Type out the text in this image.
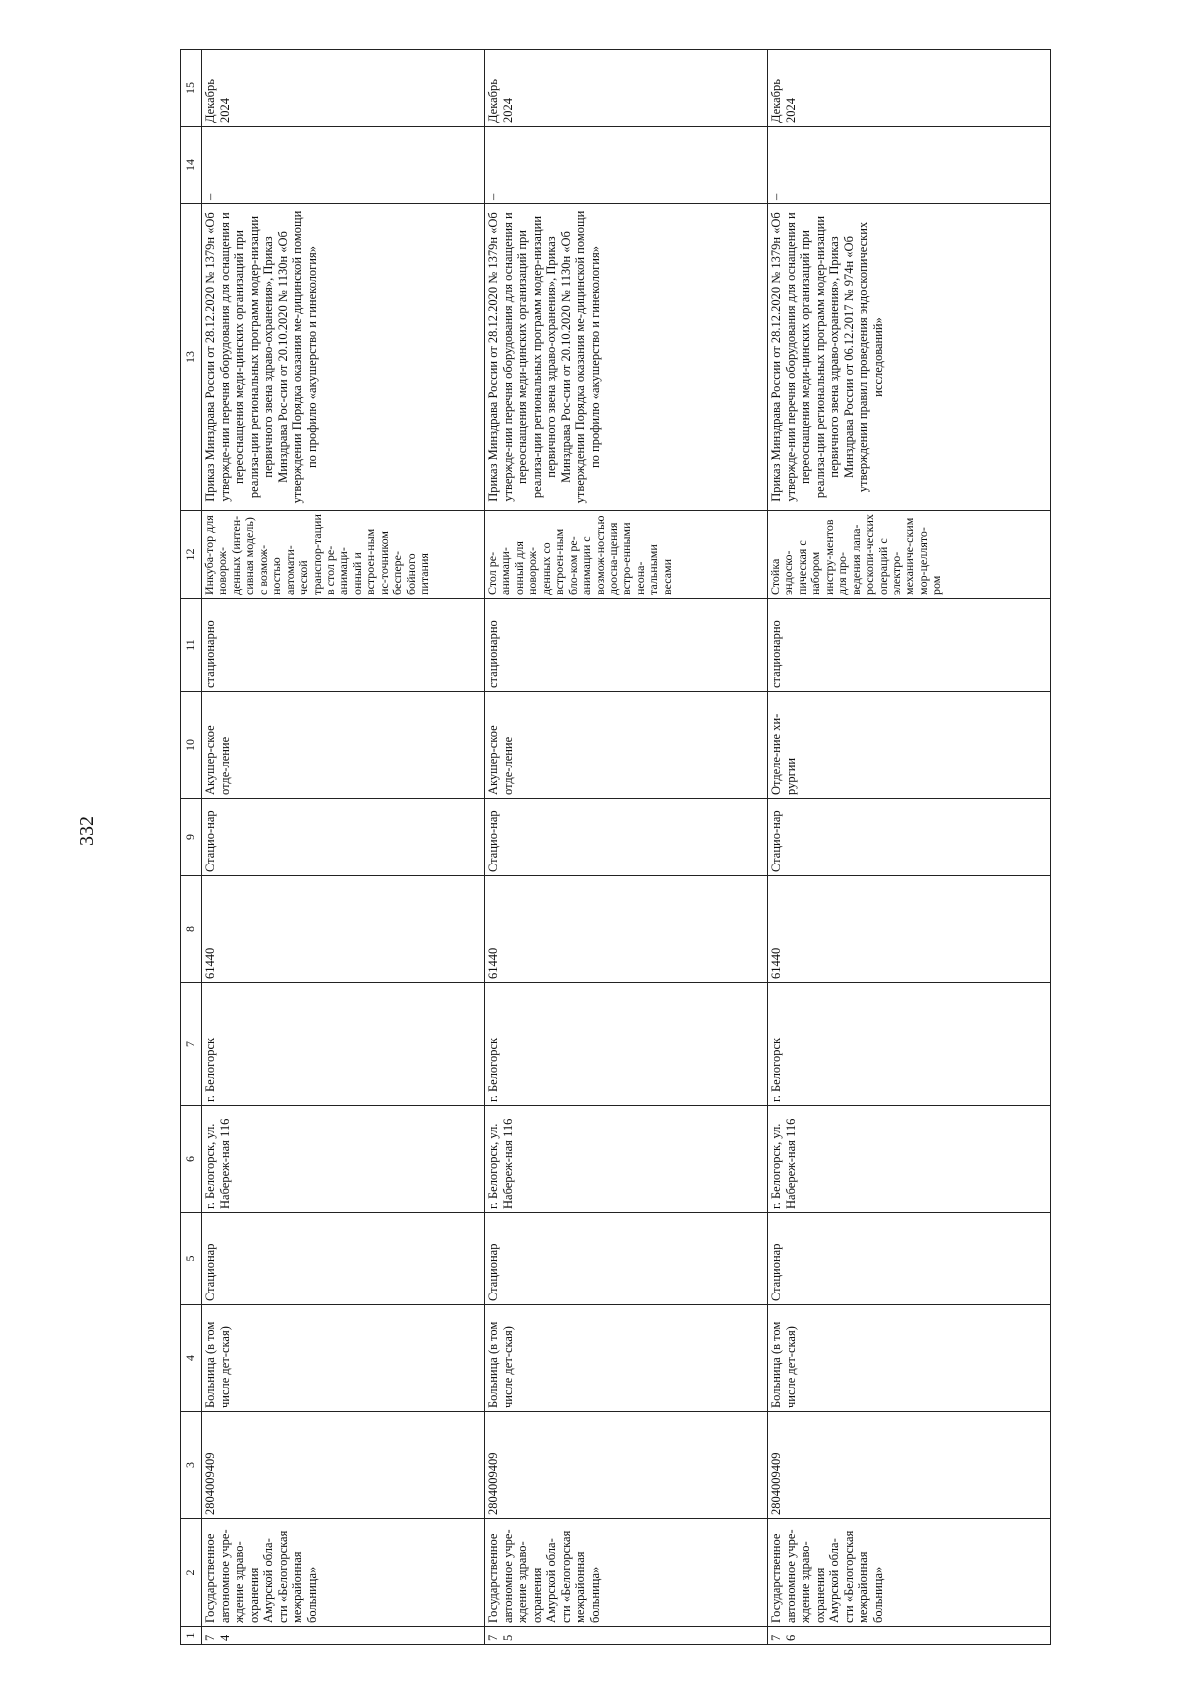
332
1	2	3	4	5	6	7	8	9	10	11	12	13	14	15
74	Государственное автономное учре-ждение здраво-охранения Амурской обла-сти «Белогорская межрайонная больница»	2804009409	Больница (в том числе дет-ская)	Стационар	г. Белогорск, ул. Набереж-ная 116	г. Белогорск	61440	Стацио-нар	Акушер-ское отде-ление	стационарно	Инкуба-тор для новорож-денных (интен-сивная модель) с возмож-ностью автомати-ческой транспор-тации в стол ре-анимаци-онный и встроен-ным ис-точником бесперe-бойного питания	Приказ Минздрава России от 28.12.2020 № 1379н «Об утвержде-нии перечня оборудования для оснащения и переоснащения меди-цинских организаций при реализа-ции региональных программ модер-низации первичного звена здраво-охранения», Приказ Минздрава Рос-сии от 20.10.2020 № 1130н «Об утверждении Порядка оказания ме-дицинской помощи по профилю «акушерство и гинекология»	–	Декабрь 2024
75	Государственное автономное учре-ждение здраво-охранения Амурской обла-сти «Белогорская межрайонная больница»	2804009409	Больница (в том числе дет-ская)	Стационар	г. Белогорск, ул. Набереж-ная 116	г. Белогорск	61440	Стацио-нар	Акушер-ское отде-ление	стационарно	Стол ре-анимаци-онный для новорож-денных со встроен-ным бло-ком ре-анимации с возмож-ностью доосна-щения встро-енными неона-тальными весами	Приказ Минздрава России от 28.12.2020 № 1379н «Об утвержде-нии перечня оборудования для оснащения и переоснащения меди-цинских организаций при реализа-ции региональных программ модер-низации первичного звена здраво-охранения», Приказ Минздрава Рос-сии от 20.10.2020 № 1130н «Об утверждении Порядка оказания ме-дицинской помощи по профилю «акушерство и гинекология»	–	Декабрь 2024
76	Государственное автономное учре-ждение здраво-охранения Амурской обла-сти «Белогорская межрайонная больница»	2804009409	Больница (в том числе дет-ская)	Стационар	г. Белогорск, ул. Набереж-ная 116	г. Белогорск	61440	Стацио-нар	Отделе-ние хи-рургии	стационарно	Стойка эндоско-пическая с набором инстру-ментов для про-ведения лапа-роскопи-ческих операций с электро-механиче-ским мор-целлято-ром	Приказ Минздрава России от 28.12.2020 № 1379н «Об утвержде-нии перечня оборудования для оснащения и переоснащения меди-цинских организаций при реализа-ции региональных программ модер-низации первичного звена здраво-охранения», Приказ Минздрава России от 06.12.2017 № 974н «Об утверждении правил проведения эндоскопических исследований»	–	Декабрь 2024
